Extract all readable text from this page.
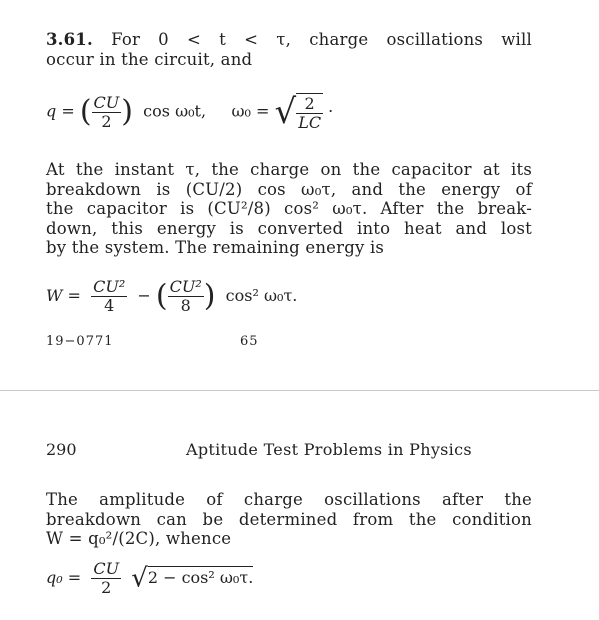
3.61. For 0 < t < τ, charge oscillations will
occur in the circuit, and
q = ( $\frac{CU}{2}$ ) cos ω₀t, ω₀ = √ $\frac{2}{LC}$ ·
At the instant τ, the charge on the capacitor at its
breakdown is (CU/2) cos ω₀τ, and the energy of
the capacitor is (CU²/8) cos² ω₀τ. After the break-
down, this energy is converted into heat and lost
by the system. The remaining energy is
$W = \frac{\text{CU²}}{4}$ − ( $\frac{\text{CU²}}{8}$ ) cos² ω₀τ.
19−0771	65
290	Aptitude Test Problems in Physics
The amplitude of charge oscillations after the
breakdown can be determined from the condition
W = q₀²/(2C), whence
$q_0 = \frac{CU}{2} √2 - \cos^2$ ω₀τ.
